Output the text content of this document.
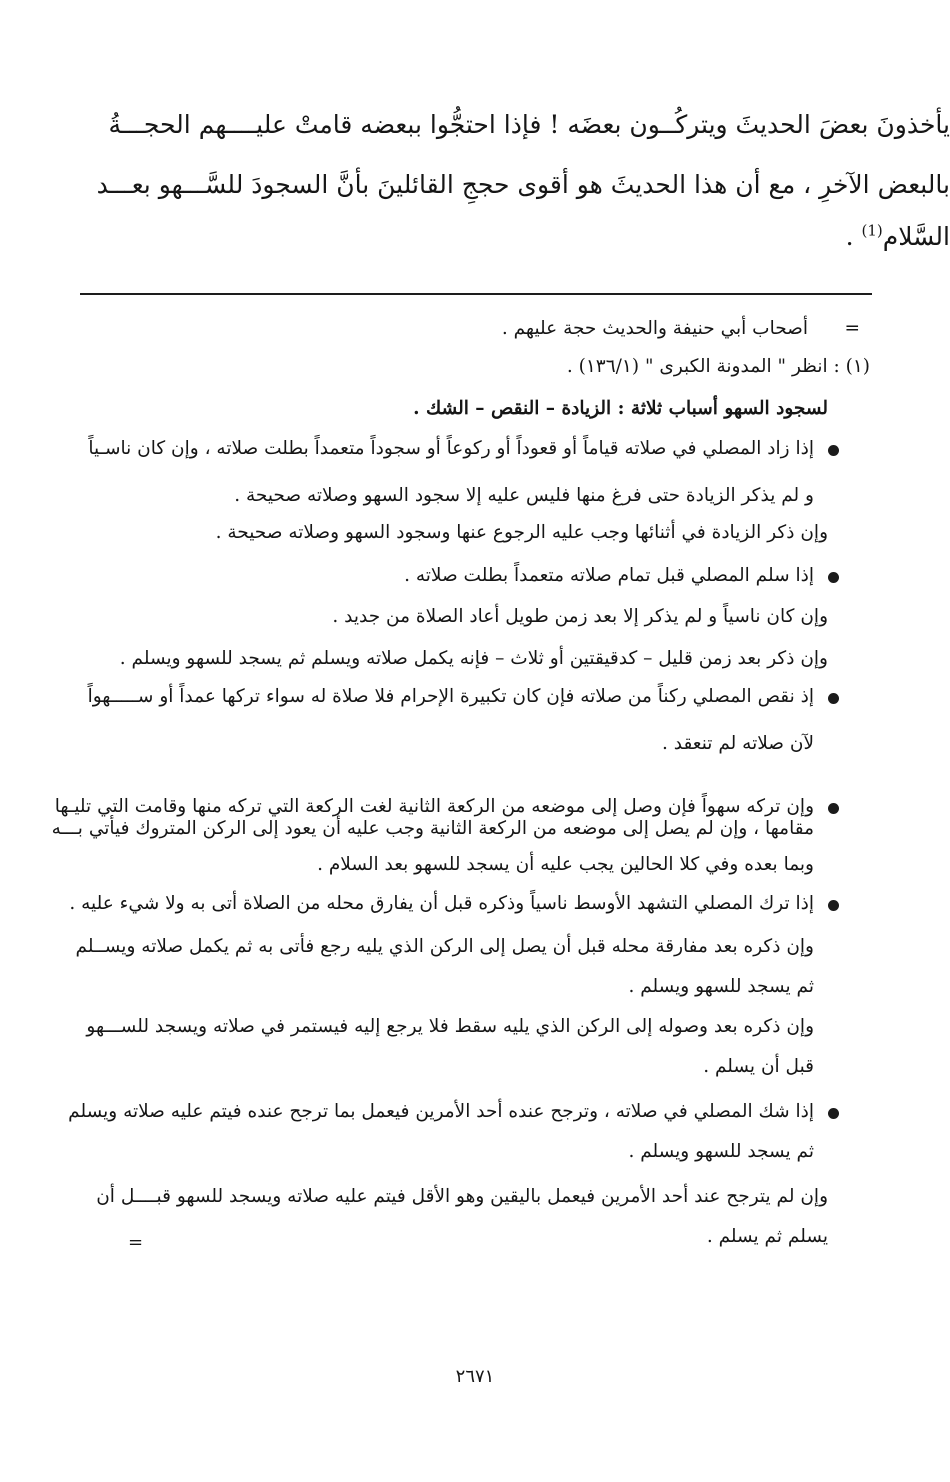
يأخذونَ بعضَ الحديثَ ويتركُــون بعضَه ! فإذا احتجُّوا ببعضه قامتْ عليــــهم الحجـــةُ

بالبعض الآخرِ ، مع أن هذا الحديثَ هو أقوى حججِ القائلينَ بأنَّ السجودَ للسَّـــهو بعـــد

السَّلام$^{(1)}$ .

=

أصحاب أبي حنيفة والحديث حجة عليهم .

(١) : انظر " المدونة الكبرى " (١٣٦/١) .

لسجود السهو أسباب ثلاثة : الزيادة – النقص – الشك .

إذا زاد المصلي في صلاته قياماً أو قعوداً أو ركوعاً أو سجوداً متعمداً بطلت صلاته ، وإن كان ناسـياً

و لم يذكر الزيادة حتى فرغ منها فليس عليه إلا سجود السهو وصلاته صحيحة .

وإن ذكر الزيادة في أثنائها وجب عليه الرجوع عنها وسجود السهو وصلاته صحيحة .

إذا سلم المصلي قبل تمام صلاته متعمداً بطلت صلاته .

وإن كان ناسياً و لم يذكر إلا بعد زمن طويل أعاد الصلاة من جديد .

وإن ذكر بعد زمن قليل – كدقيقتين أو ثلاث – فإنه يكمل صلاته ويسلم ثم يسجد للسهو ويسلم .

إذ نقص المصلي ركناً من صلاته فإن كان تكبيرة الإحرام فلا صلاة له سواء تركها عمداً أو ســـــهواً

لآن صلاته لم تنعقد .

وإن تركه سهواً فإن وصل إلى موضعه من الركعة الثانية لغت الركعة التي تركه منها وقامت التي تليـها

مقامها ، وإن لم يصل إلى موضعه من الركعة الثانية وجب عليه أن يعود إلى الركن المتروك فيأتي بـــه

وبما بعده وفي كلا الحالين يجب عليه أن يسجد للسهو بعد السلام .

إذا ترك المصلي التشهد الأوسط ناسياً وذكره قبل أن يفارق محله من الصلاة أتى به ولا شيء عليه .

وإن ذكره بعد مفارقة محله قبل أن يصل إلى الركن الذي يليه رجع فأتى به ثم يكمل صلاته ويســلم

ثم يسجد للسهو ويسلم .

وإن ذكره بعد وصوله إلى الركن الذي يليه سقط فلا يرجع إليه فيستمر في صلاته ويسجد للســـهو

قبل أن يسلم .

إذا شك المصلي في صلاته ، وترجح عنده أحد الأمرين فيعمل بما ترجح عنده فيتم عليه صلاته ويسلم

ثم يسجد للسهو ويسلم .

وإن لم يترجح عند أحد الأمرين فيعمل باليقين وهو الأقل فيتم عليه صلاته ويسجد للسهو قبــــل أن

يسلم ثم يسلم .

=

٢٦٧١
